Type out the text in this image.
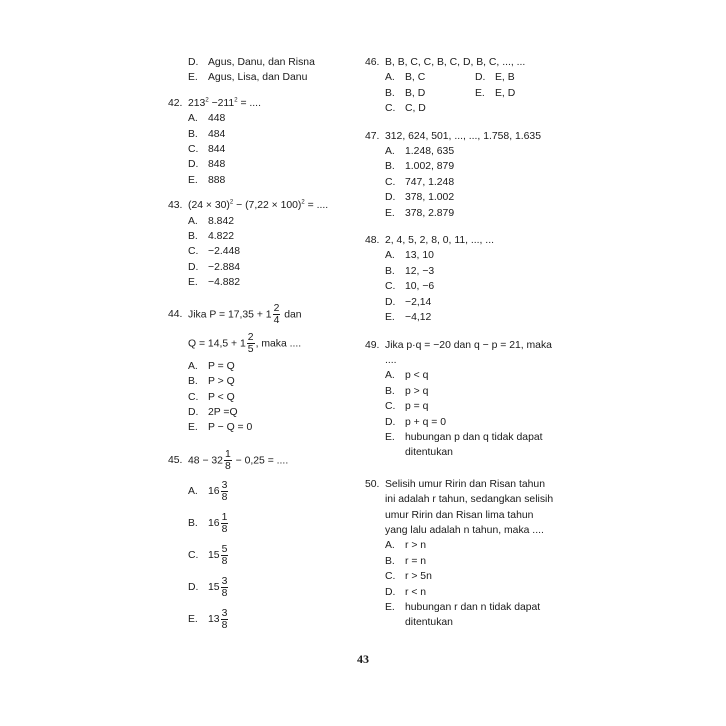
D. Agus, Danu, dan Risna
E. Agus, Lisa, dan Danu
42. $213^2 -211^2$ = ....
A. 448
B. 484
C. 844
D. 848
E. 888
43. $(24 \times 30)^2 - (7,22 \times 100)^2$ = ....
A. 8.842
B. 4.822
C. −2.448
D. −2.884
E. −4.882
44. Jika $P = 17,35 + 1 \frac{2}{4}$ dan
$Q = 14,5 + 1 \frac{2}{5}$ , maka ....
A. P = Q
B. P > Q
C. P < Q
D. 2P =Q
E. P − Q = 0
45. $48 - 32 \frac{1}{8} - 0,25$ = ....
A. $16 \frac{3}{8}$
B. $16 \frac{1}{8}$
C. $15 \frac{5}{8}$
D. $15 \frac{3}{8}$
E. $13 \frac{3}{8}$
46. B, B, C, C, B, C, D, B, C, ..., ...
A. B, C	D. E, B
B. B, D	E. E, D
C. C, D
47. 312, 624, 501, ..., ..., 1.758, 1.635
A. 1.248, 635
B. 1.002, 879
C. 747, 1.248
D. 378, 1.002
E. 378, 2.879
48. 2, 4, 5, 2, 8, 0, 11, ..., ...
A. 13, 10
B. 12, −3
C. 10, −6
D. −2,14
E. −4,12
49. Jika p·q = −20 dan q − p = 21, maka
....
A. p < q
B. p > q
C. p = q
D. p + q = 0
E. hubungan p dan q tidak dapat
ditentukan
50. Selisih umur Ririn dan Risan tahun
ini adalah r tahun, sedangkan selisih
umur Ririn dan Risan lima tahun
yang lalu adalah n tahun, maka ....
A. r > n
B. r = n
C. r > 5n
D. r < n
E. hubungan r dan n tidak dapat
ditentukan
43
